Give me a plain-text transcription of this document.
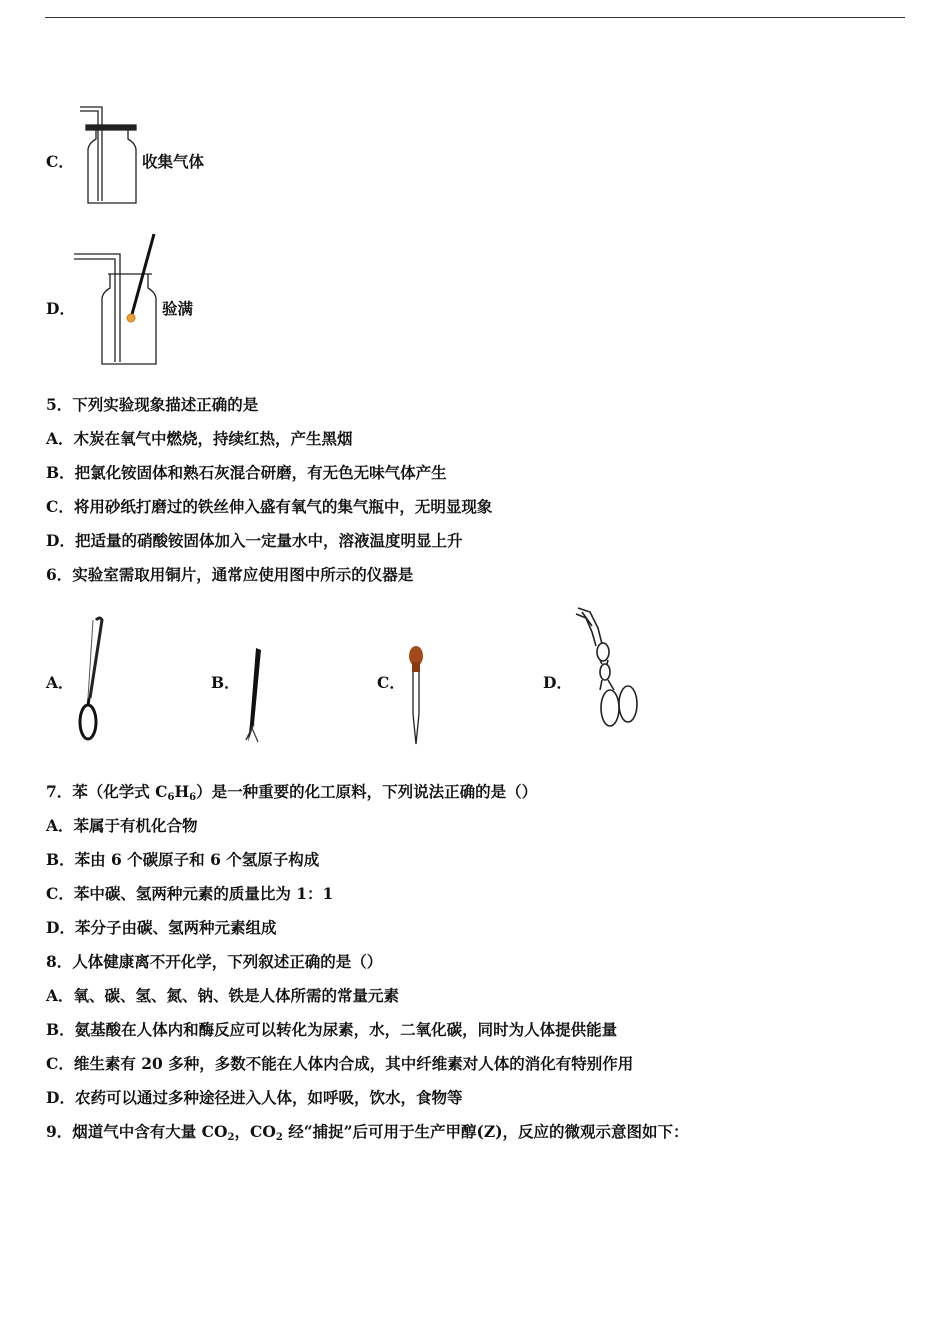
C．	收集气体
D．	验满
5．下列实验现象描述正确的是
A．木炭在氧气中燃烧，持续红热，产生黑烟
B．把氯化铵固体和熟石灰混合研磨，有无色无味气体产生
C．将用砂纸打磨过的铁丝伸入盛有氧气的集气瓶中，无明显现象
D．把适量的硝酸铵固体加入一定量水中，溶液温度明显上升
6．实验室需取用铜片，通常应使用图中所示的仪器是
A．	B．	C．	D．
7．苯（化学式 $C_6H_6$）是一种重要的化工原料，下列说法正确的是（）
A．苯属于有机化合物
B．苯由 6 个碳原子和 6 个氢原子构成
C．苯中碳、氢两种元素的质量比为 1：1
D．苯分子由碳、氢两种元素组成
8．人体健康离不开化学，下列叙述正确的是（）
A．氧、碳、氢、氮、钠、铁是人体所需的常量元素
B．氨基酸在人体内和酶反应可以转化为尿素，水，二氧化碳，同时为人体提供能量
C．维生素有 20 多种，多数不能在人体内合成，其中纤维素对人体的消化有特别作用
D．农药可以通过多种途径进入人体，如呼吸，饮水，食物等
9．烟道气中含有大量 $CO_2$，$CO_2$ 经“捕捉”后可用于生产甲醇(Z)，反应的微观示意图如下：
